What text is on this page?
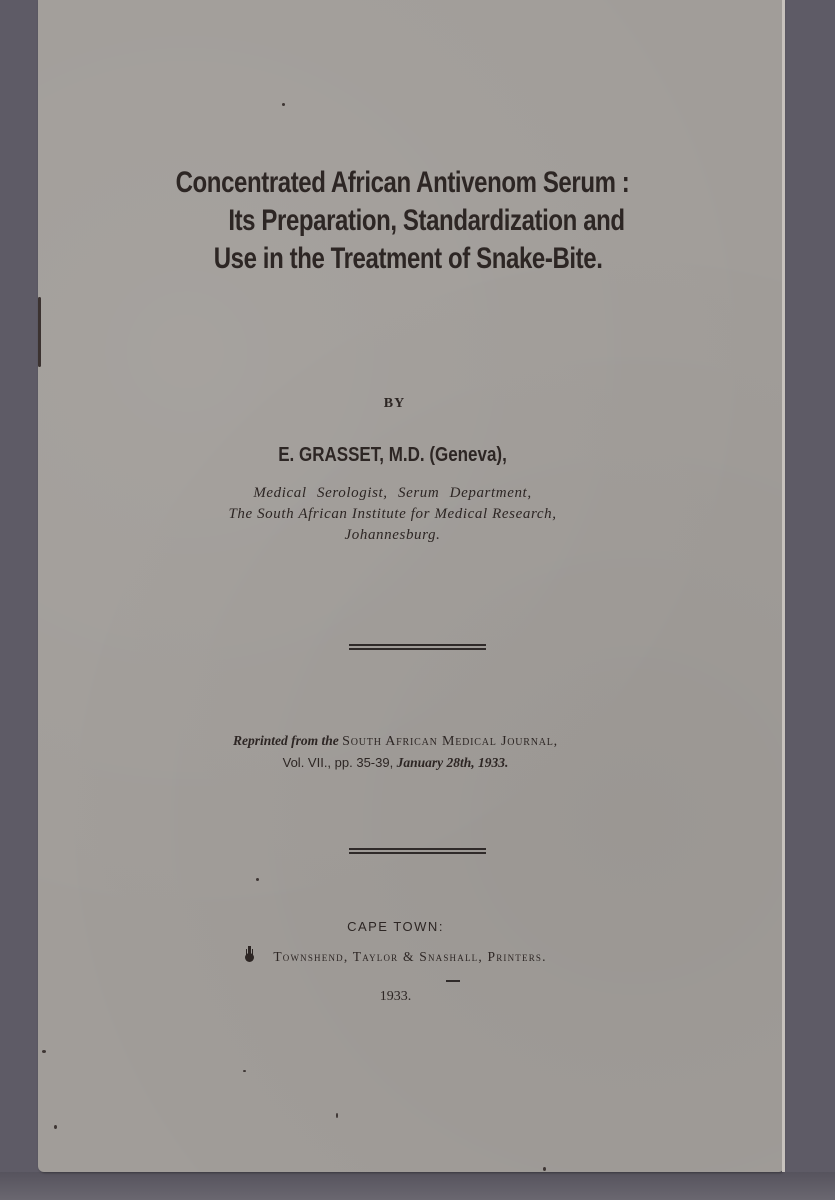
Concentrated African Antivenom Serum :
Its Preparation, Standardization and
Use in the Treatment of Snake-Bite.
BY
E. GRASSET, M.D. (Geneva),
Medical Serologist, Serum Department,
The South African Institute for Medical Research,
Johannesburg.
Reprinted from the South African Medical Journal,
Vol. VII., pp. 35-39, January 28th, 1933.
CAPE TOWN:
Townshend, Taylor & Snashall, Printers.
1933.
